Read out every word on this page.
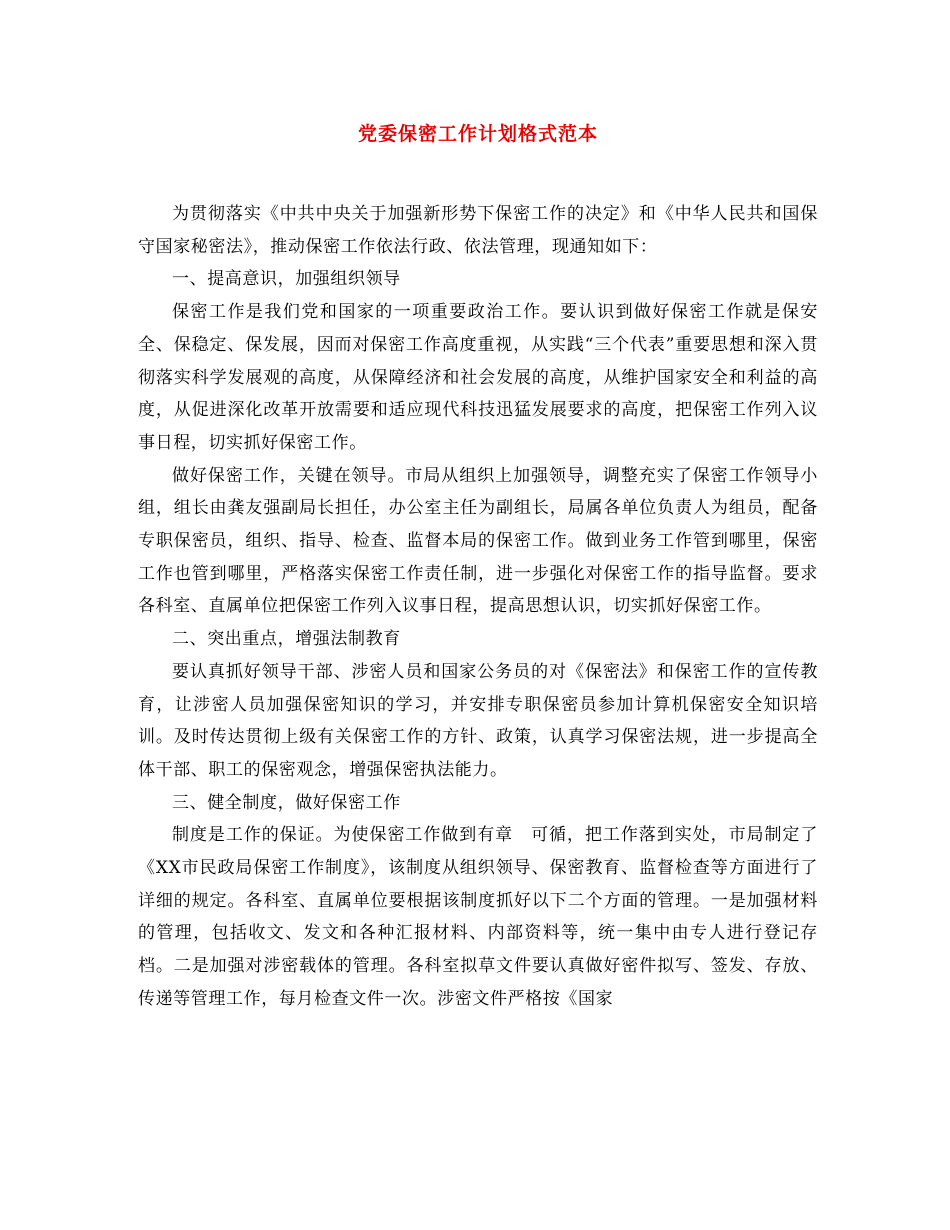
党委保密工作计划格式范本

为贯彻落实《中共中央关于加强新形势下保密工作的决定》和《中华人民共和国保守国家秘密法》，推动保密工作依法行政、依法管理，现通知如下：

一、提高意识，加强组织领导

保密工作是我们党和国家的一项重要政治工作。要认识到做好保密工作就是保安全、保稳定、保发展，因而对保密工作高度重视，从实践“三个代表”重要思想和深入贯彻落实科学发展观的高度，从保障经济和社会发展的高度，从维护国家安全和利益的高度，从促进深化改革开放需要和适应现代科技迅猛发展要求的高度，把保密工作列入议事日程，切实抓好保密工作。

做好保密工作，关键在领导。市局从组织上加强领导，调整充实了保密工作领导小组，组长由龚友强副局长担任，办公室主任为副组长，局属各单位负责人为组员，配备专职保密员，组织、指导、检查、监督本局的保密工作。做到业务工作管到哪里，保密工作也管到哪里，严格落实保密工作责任制，进一步强化对保密工作的指导监督。要求各科室、直属单位把保密工作列入议事日程，提高思想认识，切实抓好保密工作。

二、突出重点，增强法制教育

要认真抓好领导干部、涉密人员和国家公务员的对《保密法》和保密工作的宣传教育，让涉密人员加强保密知识的学习，并安排专职保密员参加计算机保密安全知识培训。及时传达贯彻上级有关保密工作的方针、政策，认真学习保密法规，进一步提高全体干部、职工的保密观念，增强保密执法能力。

三、健全制度，做好保密工作

制度是工作的保证。为使保密工作做到有章　可循，把工作落到实处，市局制定了《XX市民政局保密工作制度》，该制度从组织领导、保密教育、监督检查等方面进行了详细的规定。各科室、直属单位要根据该制度抓好以下二个方面的管理。一是加强材料的管理，包括收文、发文和各种汇报材料、内部资料等，统一集中由专人进行登记存档。二是加强对涉密载体的管理。各科室拟草文件要认真做好密件拟写、签发、存放、传递等管理工作，每月检查文件一次。涉密文件严格按《国家
